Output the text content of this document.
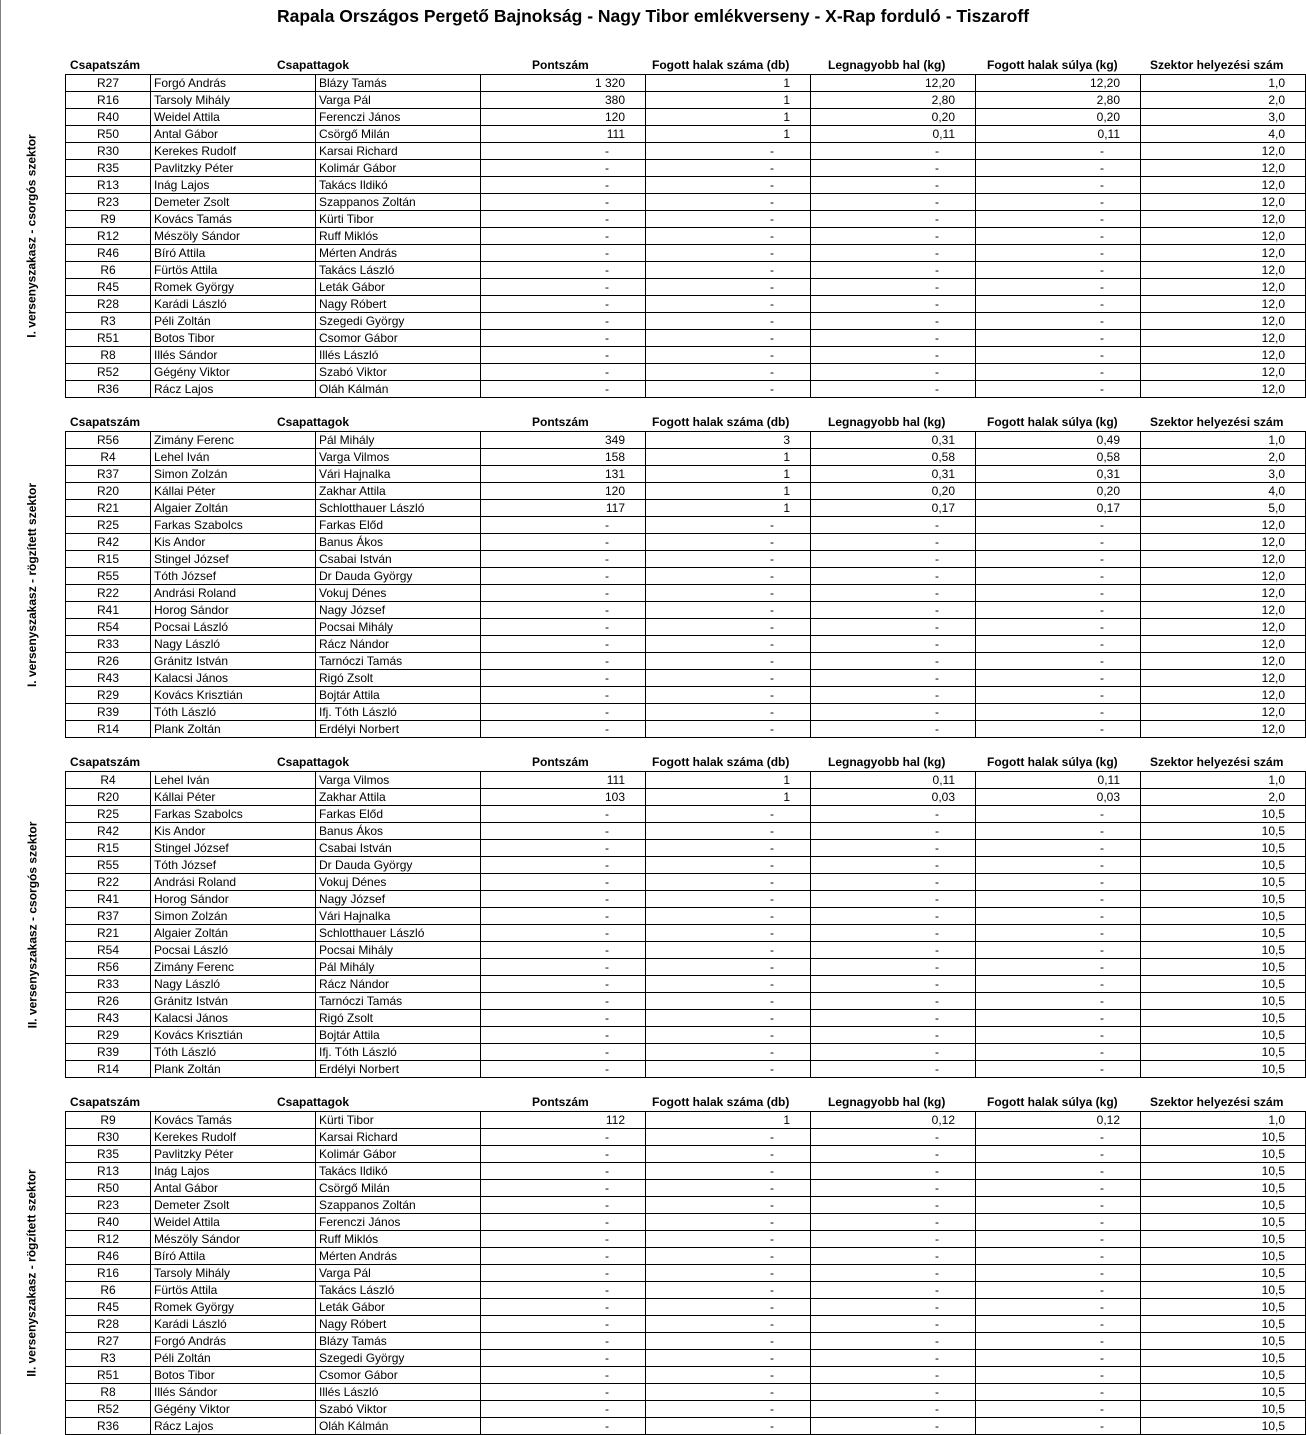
Rapala Országos Pergető Bajnokság - Nagy Tibor emlékverseny - X-Rap forduló - Tiszaroff
Csapatszám	Csapattagok	Pontszám	Fogott halak száma (db)	Legnagyobb hal (kg)	Fogott halak súlya (kg)	Szektor helyezési szám
I. versenyszakasz - csorgós szektor
R27	Forgó András	Blázy Tamás	1 320	1	12,20	12,20	1,0
R16	Tarsoly Mihály	Varga Pál	380	1	2,80	2,80	2,0
R40	Weidel Attila	Ferenczi János	120	1	0,20	0,20	3,0
R50	Antal Gábor	Csörgő Milán	111	1	0,11	0,11	4,0
R30	Kerekes Rudolf	Karsai Richard	-	-	-	-	12,0
R35	Pavlitzky Péter	Kolimár Gábor	-	-	-	-	12,0
R13	Inág Lajos	Takács Ildikó	-	-	-	-	12,0
R23	Demeter Zsolt	Szappanos Zoltán	-	-	-	-	12,0
R9	Kovács Tamás	Kürti Tibor	-	-	-	-	12,0
R12	Mészöly Sándor	Ruff Miklós	-	-	-	-	12,0
R46	Bíró Attila	Mérten András	-	-	-	-	12,0
R6	Fürtös Attila	Takács László	-	-	-	-	12,0
R45	Romek György	Leták Gábor	-	-	-	-	12,0
R28	Karádi László	Nagy Róbert	-	-	-	-	12,0
R3	Péli Zoltán	Szegedi György	-	-	-	-	12,0
R51	Botos Tibor	Csomor Gábor	-	-	-	-	12,0
R8	Illés Sándor	Illés László	-	-	-	-	12,0
R52	Gégény Viktor	Szabó Viktor	-	-	-	-	12,0
R36	Rácz Lajos	Oláh Kálmán	-	-	-	-	12,0
Csapatszám	Csapattagok	Pontszám	Fogott halak száma (db)	Legnagyobb hal (kg)	Fogott halak súlya (kg)	Szektor helyezési szám
I. versenyszakasz - rögzített szektor
R56	Zimány Ferenc	Pál Mihály	349	3	0,31	0,49	1,0
R4	Lehel Iván	Varga Vilmos	158	1	0,58	0,58	2,0
R37	Simon Zolzán	Vári Hajnalka	131	1	0,31	0,31	3,0
R20	Kállai Péter	Zakhar Attila	120	1	0,20	0,20	4,0
R21	Algaier Zoltán	Schlotthauer László	117	1	0,17	0,17	5,0
R25	Farkas Szabolcs	Farkas Előd	-	-	-	-	12,0
R42	Kis Andor	Banus Ákos	-	-	-	-	12,0
R15	Stingel József	Csabai István	-	-	-	-	12,0
R55	Tóth József	Dr Dauda György	-	-	-	-	12,0
R22	Andrási Roland	Vokuj Dénes	-	-	-	-	12,0
R41	Horog Sándor	Nagy József	-	-	-	-	12,0
R54	Pocsai László	Pocsai Mihály	-	-	-	-	12,0
R33	Nagy László	Rácz Nándor	-	-	-	-	12,0
R26	Gránitz István	Tarnóczi Tamás	-	-	-	-	12,0
R43	Kalacsi János	Rigó Zsolt	-	-	-	-	12,0
R29	Kovács Krisztián	Bojtár Attila	-	-	-	-	12,0
R39	Tóth László	Ifj. Tóth László	-	-	-	-	12,0
R14	Plank Zoltán	Erdélyi Norbert	-	-	-	-	12,0
Csapatszám	Csapattagok	Pontszám	Fogott halak száma (db)	Legnagyobb hal (kg)	Fogott halak súlya (kg)	Szektor helyezési szám
II. versenyszakasz - csorgós szektor
R4	Lehel Iván	Varga Vilmos	111	1	0,11	0,11	1,0
R20	Kállai Péter	Zakhar Attila	103	1	0,03	0,03	2,0
R25	Farkas Szabolcs	Farkas Előd	-	-	-	-	10,5
R42	Kis Andor	Banus Ákos	-	-	-	-	10,5
R15	Stingel József	Csabai István	-	-	-	-	10,5
R55	Tóth József	Dr Dauda György	-	-	-	-	10,5
R22	Andrási Roland	Vokuj Dénes	-	-	-	-	10,5
R41	Horog Sándor	Nagy József	-	-	-	-	10,5
R37	Simon Zolzán	Vári Hajnalka	-	-	-	-	10,5
R21	Algaier Zoltán	Schlotthauer László	-	-	-	-	10,5
R54	Pocsai László	Pocsai Mihály	-	-	-	-	10,5
R56	Zimány Ferenc	Pál Mihály	-	-	-	-	10,5
R33	Nagy László	Rácz Nándor	-	-	-	-	10,5
R26	Gránitz István	Tarnóczi Tamás	-	-	-	-	10,5
R43	Kalacsi János	Rigó Zsolt	-	-	-	-	10,5
R29	Kovács Krisztián	Bojtár Attila	-	-	-	-	10,5
R39	Tóth László	Ifj. Tóth László	-	-	-	-	10,5
R14	Plank Zoltán	Erdélyi Norbert	-	-	-	-	10,5
Csapatszám	Csapattagok	Pontszám	Fogott halak száma (db)	Legnagyobb hal (kg)	Fogott halak súlya (kg)	Szektor helyezési szám
II. versenyszakasz - rögzített szektor
R9	Kovács Tamás	Kürti Tibor	112	1	0,12	0,12	1,0
R30	Kerekes Rudolf	Karsai Richard	-	-	-	-	10,5
R35	Pavlitzky Péter	Kolimár Gábor	-	-	-	-	10,5
R13	Inág Lajos	Takács Ildikó	-	-	-	-	10,5
R50	Antal Gábor	Csörgő Milán	-	-	-	-	10,5
R23	Demeter Zsolt	Szappanos Zoltán	-	-	-	-	10,5
R40	Weidel Attila	Ferenczi János	-	-	-	-	10,5
R12	Mészöly Sándor	Ruff Miklós	-	-	-	-	10,5
R46	Bíró Attila	Mérten András	-	-	-	-	10,5
R16	Tarsoly Mihály	Varga Pál	-	-	-	-	10,5
R6	Fürtös Attila	Takács László	-	-	-	-	10,5
R45	Romek György	Leták Gábor	-	-	-	-	10,5
R28	Karádi László	Nagy Róbert	-	-	-	-	10,5
R27	Forgó András	Blázy Tamás	-	-	-	-	10,5
R3	Péli Zoltán	Szegedi György	-	-	-	-	10,5
R51	Botos Tibor	Csomor Gábor	-	-	-	-	10,5
R8	Illés Sándor	Illés László	-	-	-	-	10,5
R52	Gégény Viktor	Szabó Viktor	-	-	-	-	10,5
R36	Rácz Lajos	Oláh Kálmán	-	-	-	-	10,5
